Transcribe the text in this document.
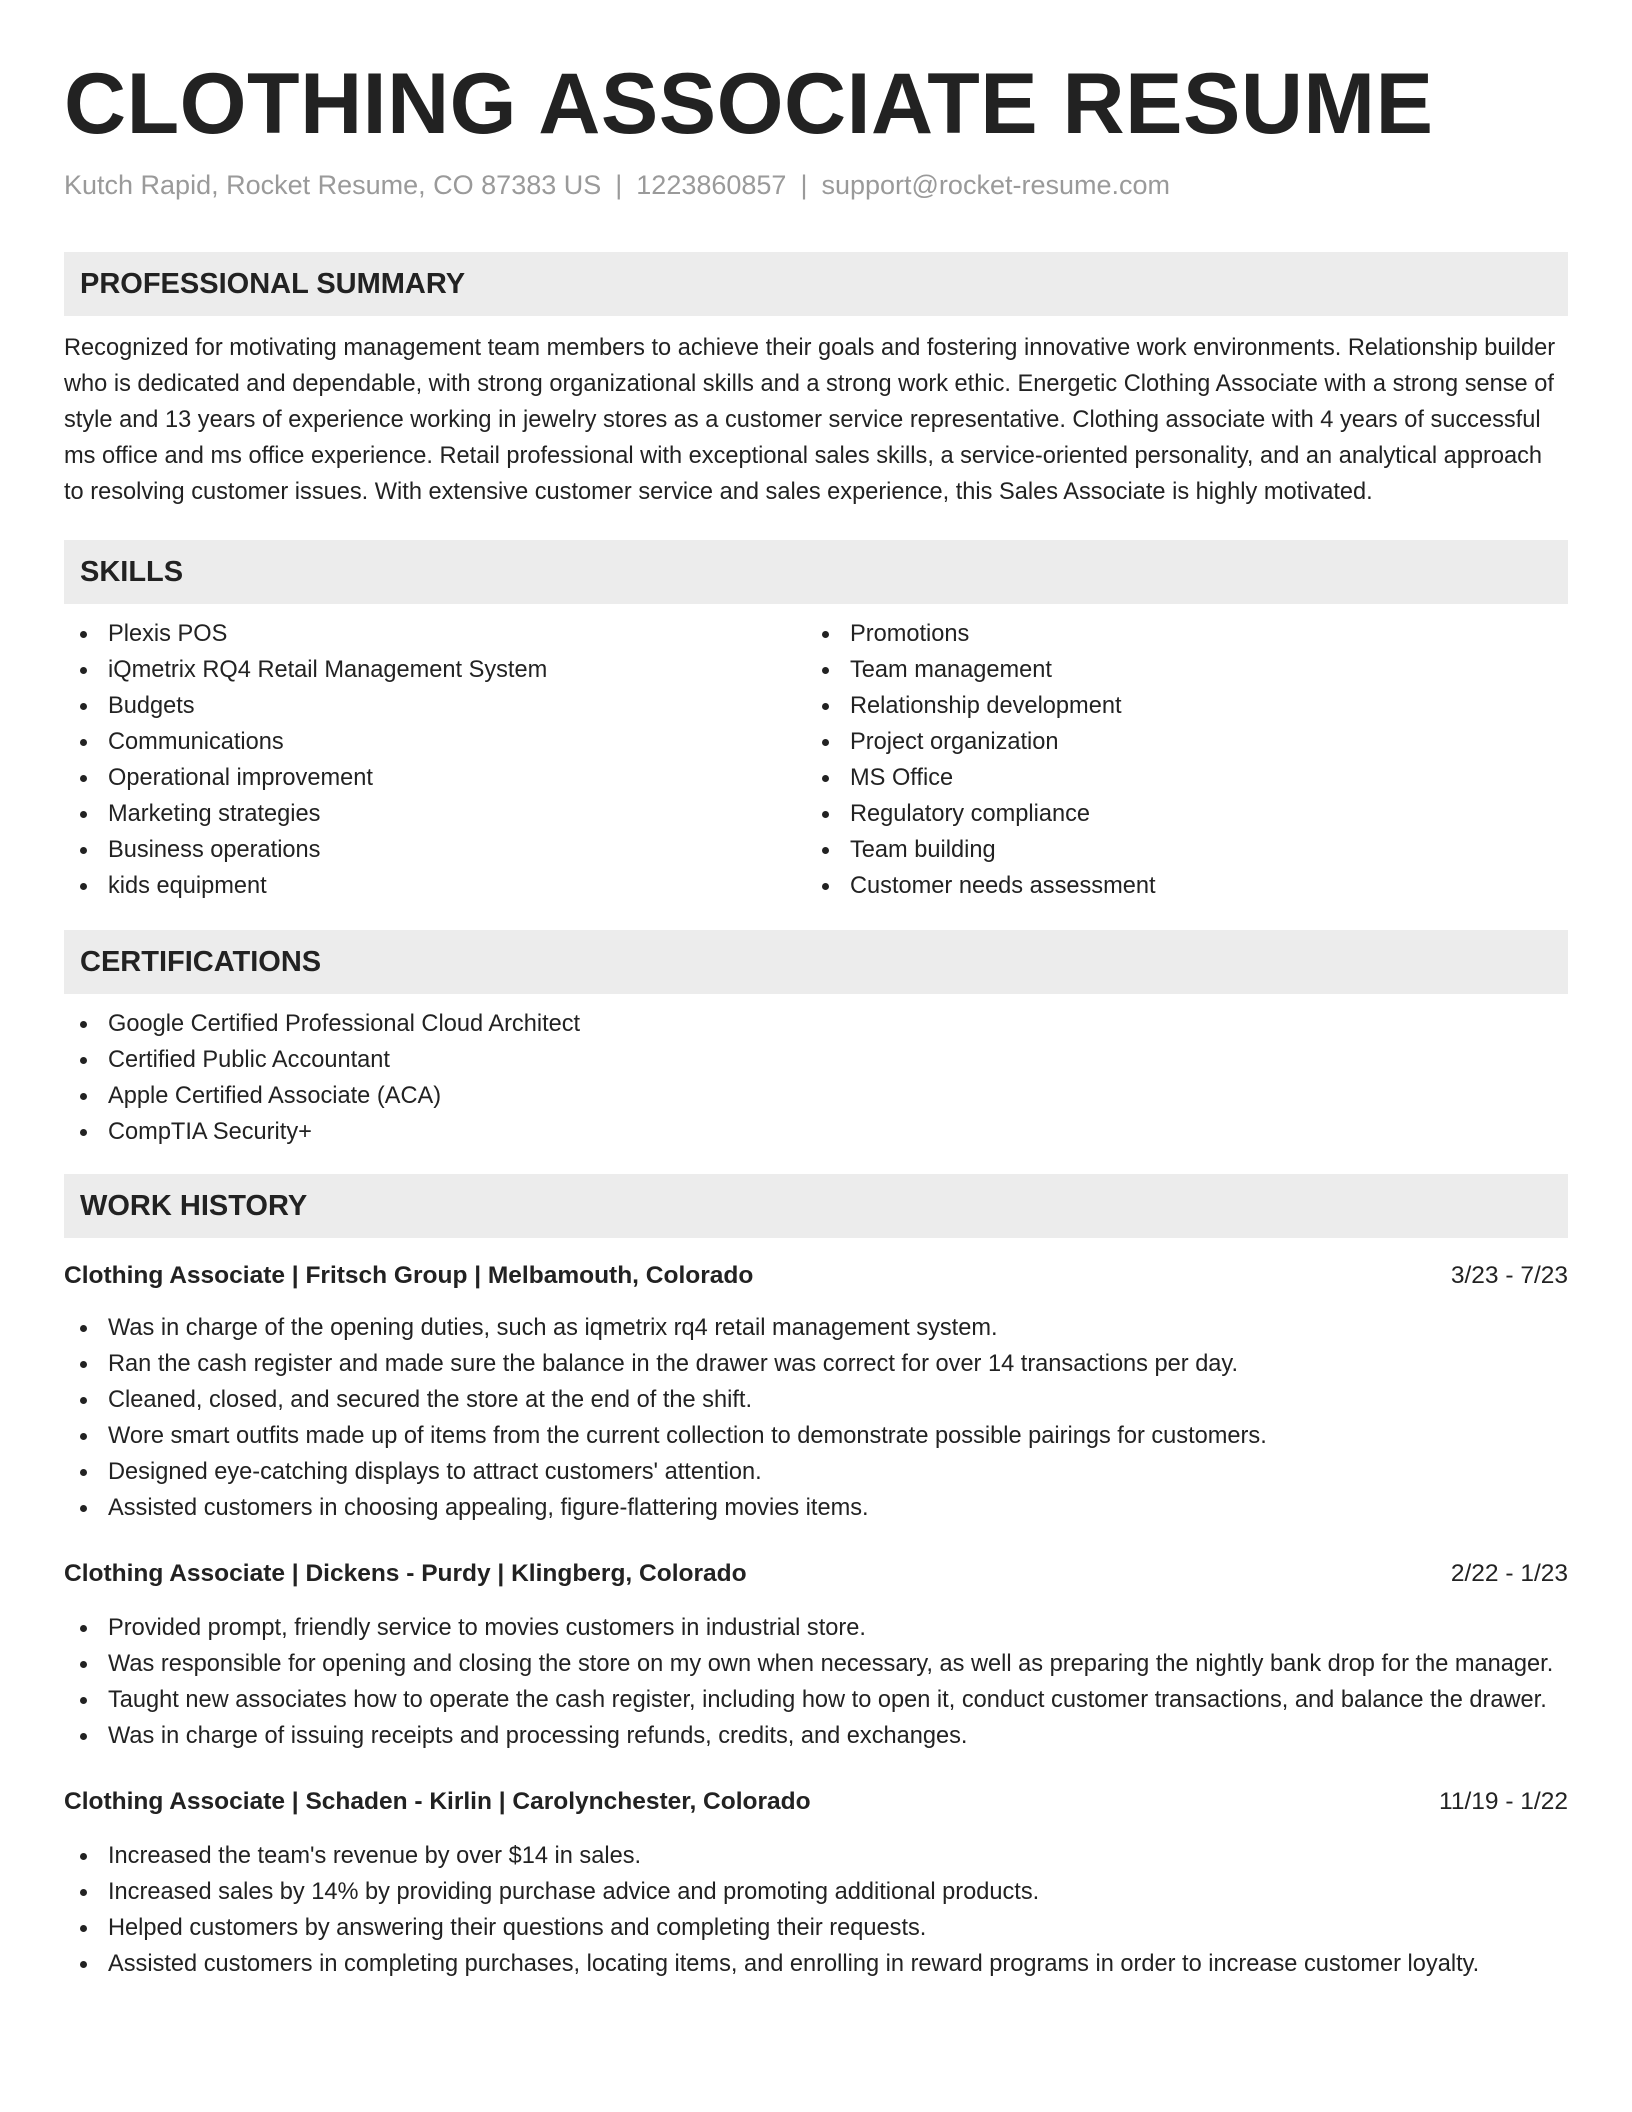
CLOTHING ASSOCIATE RESUME
Kutch Rapid, Rocket Resume, CO 87383 US | 1223860857 | support@rocket-resume.com
PROFESSIONAL SUMMARY

Recognized for motivating management team members to achieve their goals and fostering innovative work environments. Relationship builder who is dedicated and dependable, with strong organizational skills and a strong work ethic. Energetic Clothing Associate with a strong sense of style and 13 years of experience working in jewelry stores as a customer service representative. Clothing associate with 4 years of successful ms office and ms office experience. Retail professional with exceptional sales skills, a service-oriented personality, and an analytical approach to resolving customer issues. With extensive customer service and sales experience, this Sales Associate is highly motivated.

SKILLS
Plexis POS
iQmetrix RQ4 Retail Management System
Budgets
Communications
Operational improvement
Marketing strategies
Business operations
kids equipment
Promotions
Team management
Relationship development
Project organization
MS Office
Regulatory compliance
Team building
Customer needs assessment
CERTIFICATIONS
Google Certified Professional Cloud Architect
Certified Public Accountant
Apple Certified Associate (ACA)
CompTIA Security+
WORK HISTORY
Clothing Associate | Fritsch Group | Melbamouth, Colorado	3/23 - 7/23
Was in charge of the opening duties, such as iqmetrix rq4 retail management system.
Ran the cash register and made sure the balance in the drawer was correct for over 14 transactions per day.
Cleaned, closed, and secured the store at the end of the shift.
Wore smart outfits made up of items from the current collection to demonstrate possible pairings for customers.
Designed eye-catching displays to attract customers' attention.
Assisted customers in choosing appealing, figure-flattering movies items.
Clothing Associate | Dickens - Purdy | Klingberg, Colorado	2/22 - 1/23
Provided prompt, friendly service to movies customers in industrial store.
Was responsible for opening and closing the store on my own when necessary, as well as preparing the nightly bank drop for the manager.
Taught new associates how to operate the cash register, including how to open it, conduct customer transactions, and balance the drawer.
Was in charge of issuing receipts and processing refunds, credits, and exchanges.
Clothing Associate | Schaden - Kirlin | Carolynchester, Colorado	11/19 - 1/22
Increased the team's revenue by over $14 in sales.
Increased sales by 14% by providing purchase advice and promoting additional products.
Helped customers by answering their questions and completing their requests.
Assisted customers in completing purchases, locating items, and enrolling in reward programs in order to increase customer loyalty.
